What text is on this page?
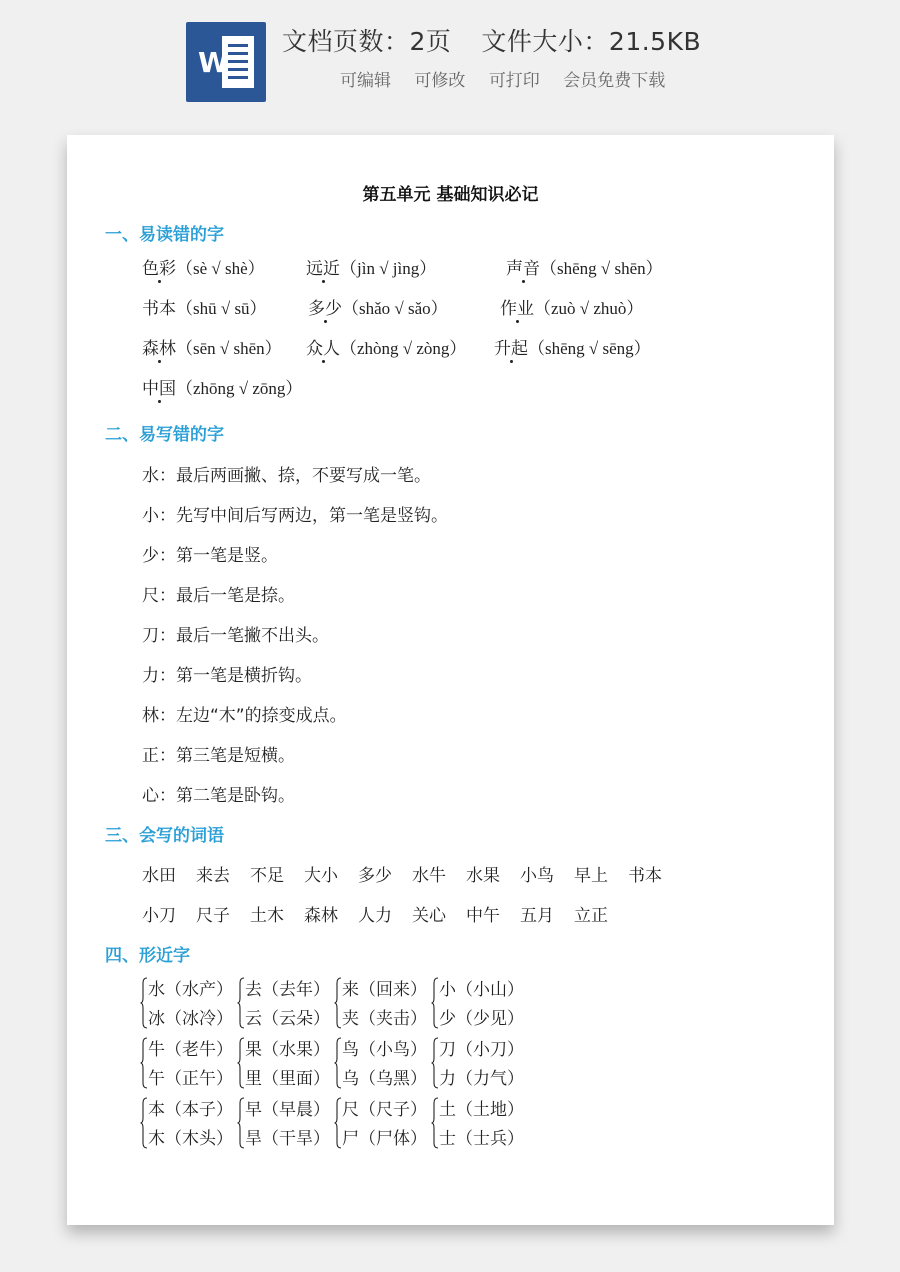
W
文档页数：2页 文件大小：21.5KB
可编辑 可修改 可打印 会员免费下载
第五单元 基础知识必记
一、易读错的字
色彩（sè √ shè） 远近（jìn √ jìng）	声音（shēng √ shēn）
书本（shū √ sū） 多少（shǎo √ sǎo）	作业（zuò √ zhuò）
森林（sēn √ shēn） 众人（zhòng √ zòng） 升起（shēng √ sēng）
中国（zhōng √ zōng）
二、易写错的字
水：最后两画撇、捺，不要写成一笔。
小：先写中间后写两边，第一笔是竖钩。
少：第一笔是竖。
尺：最后一笔是捺。
刀：最后一笔撇不出头。
力：第一笔是横折钩。
林：左边“木”的捺变成点。
正：第三笔是短横。
心：第二笔是卧钩。
三、会写的词语
水田 来去 不足 大小 多少 水牛 水果 小鸟 早上 书本
小刀 尺子 土木 森林 人力 关心 中午 五月 立正
四、形近字
水（水产）
冰（冰冷）
去（去年）
云（云朵）
来（回来）
夹（夹击）
小（小山）
少（少见）
牛（老牛）
午（正午）
果（水果）
里（里面）
鸟（小鸟）
乌（乌黑）
刀（小刀）
力（力气）
本（本子）
木（木头）
早（早晨）
旱（干旱）
尺（尺子）
尸（尸体）
土（土地）
士（士兵）
